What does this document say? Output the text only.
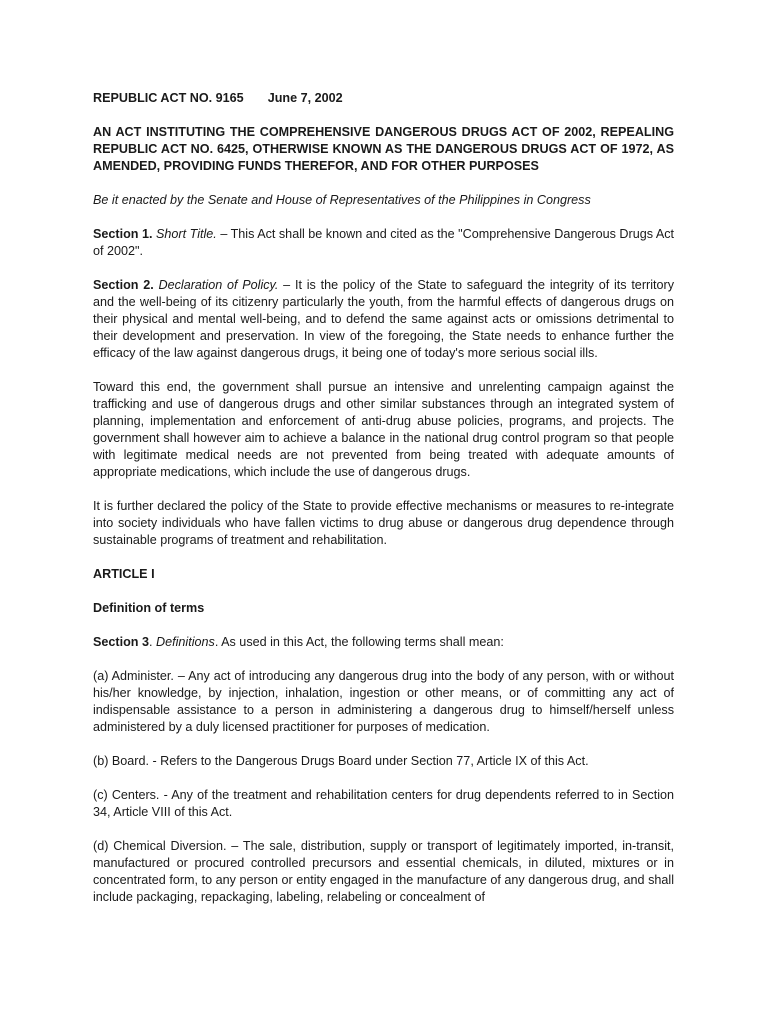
REPUBLIC ACT NO. 9165 June 7, 2002

AN ACT INSTITUTING THE COMPREHENSIVE DANGEROUS DRUGS ACT OF 2002, REPEALING REPUBLIC ACT NO. 6425, OTHERWISE KNOWN AS THE DANGEROUS DRUGS ACT OF 1972, AS AMENDED, PROVIDING FUNDS THEREFOR, AND FOR OTHER PURPOSES

Be it enacted by the Senate and House of Representatives of the Philippines in Congress

Section 1. Short Title. – This Act shall be known and cited as the "Comprehensive Dangerous Drugs Act of 2002".

Section 2. Declaration of Policy. – It is the policy of the State to safeguard the integrity of its territory and the well-being of its citizenry particularly the youth, from the harmful effects of dangerous drugs on their physical and mental well-being, and to defend the same against acts or omissions detrimental to their development and preservation. In view of the foregoing, the State needs to enhance further the efficacy of the law against dangerous drugs, it being one of today's more serious social ills.

Toward this end, the government shall pursue an intensive and unrelenting campaign against the trafficking and use of dangerous drugs and other similar substances through an integrated system of planning, implementation and enforcement of anti-drug abuse policies, programs, and projects. The government shall however aim to achieve a balance in the national drug control program so that people with legitimate medical needs are not prevented from being treated with adequate amounts of appropriate medications, which include the use of dangerous drugs.

It is further declared the policy of the State to provide effective mechanisms or measures to re-integrate into society individuals who have fallen victims to drug abuse or dangerous drug dependence through sustainable programs of treatment and rehabilitation.

ARTICLE I

Definition of terms

Section 3. Definitions. As used in this Act, the following terms shall mean:

(a) Administer. – Any act of introducing any dangerous drug into the body of any person, with or without his/her knowledge, by injection, inhalation, ingestion or other means, or of committing any act of indispensable assistance to a person in administering a dangerous drug to himself/herself unless administered by a duly licensed practitioner for purposes of medication.

(b) Board. - Refers to the Dangerous Drugs Board under Section 77, Article IX of this Act.

(c) Centers. - Any of the treatment and rehabilitation centers for drug dependents referred to in Section 34, Article VIII of this Act.

(d) Chemical Diversion. – The sale, distribution, supply or transport of legitimately imported, in-transit, manufactured or procured controlled precursors and essential chemicals, in diluted, mixtures or in concentrated form, to any person or entity engaged in the manufacture of any dangerous drug, and shall include packaging, repackaging, labeling, relabeling or concealment of
